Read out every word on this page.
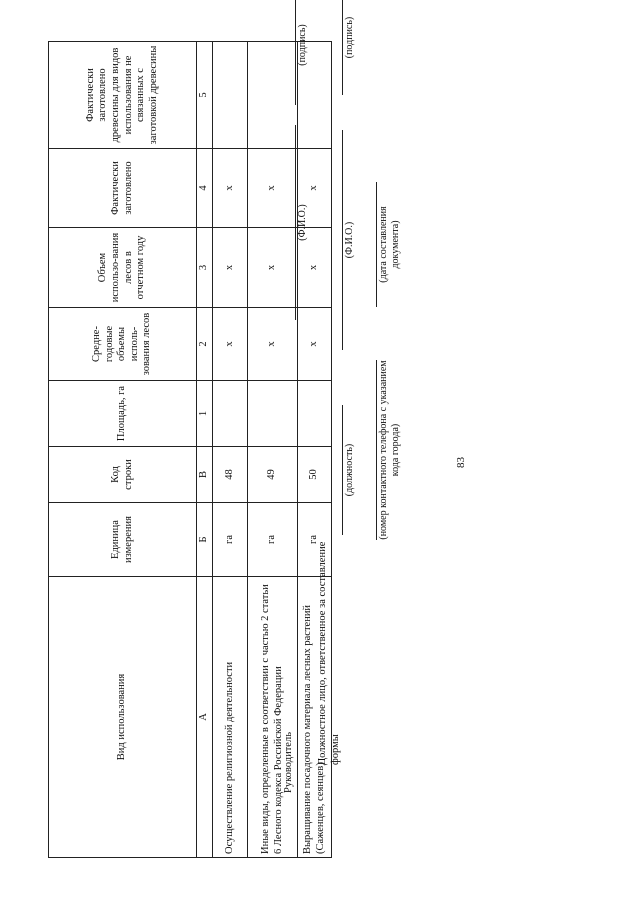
Вид использования	Единица измерения	Код строки	Площадь, га	Средне-годовые объемы исполь-зования лесов	Объем использо-вания лесов в отчетном году	Фактически заготовлено	Фактически заготовлено древесины для видов использования не связанных с заготовкой древесины
А	Б	В	1	2	3	4	5
Осуществление религиозной деятельности	га	48		х	х	х	
Иные виды, определенные в соответствии с частью 2 статьи 6 Лесного кодекса Российской Федерации	га	49		х	х	х	
Выращивание посадочного материала лесных растений (Саженцев, сеянцев)	га	50		х	х	х	
Руководитель
(Ф.И.О.)
(подпись)
Должностное лицо, ответственное за составление формы
(должность)
(Ф.И.О.)
(подпись)
(номер контактного телефона с указанием кода города)
(дата составления документа)
83
